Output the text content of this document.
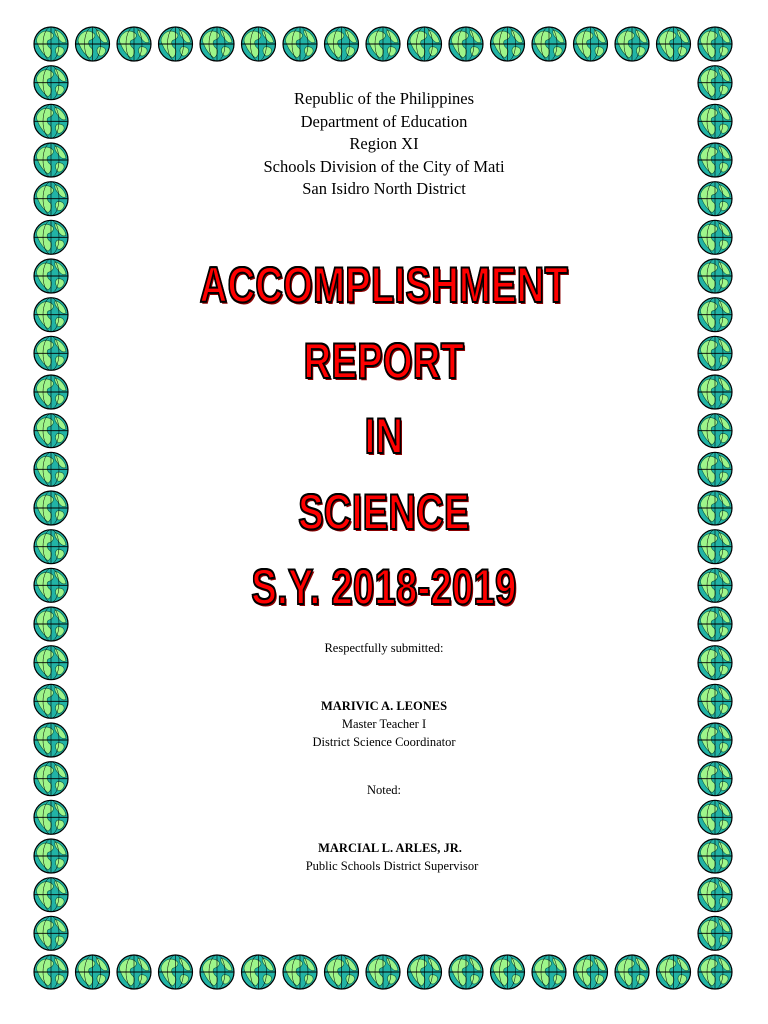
Republic of the Philippines
Department of Education
Region XI
Schools Division of the City of Mati
San Isidro North District
ACCOMPLISHMENT
REPORT
IN
SCIENCE
S.Y. 2018-2019
Respectfully submitted:
MARIVIC A. LEONES
Master Teacher I
District Science Coordinator
Noted:
MARCIAL L. ARLES, JR.
Public Schools District Supervisor
